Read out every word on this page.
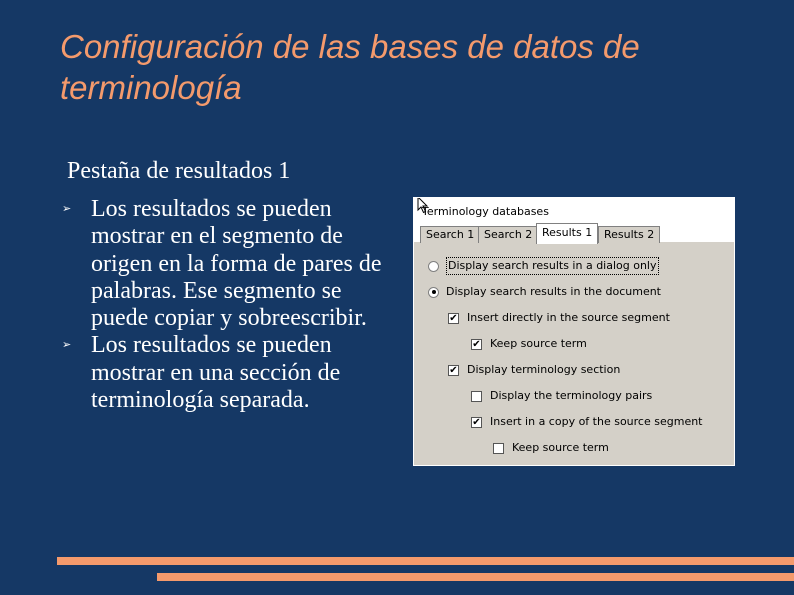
Configuración de las bases de datos de terminología
Pestaña de resultados 1
➢ Los resultados se pueden mostrar en el segmento de origen en la forma de pares de palabras. Ese segmento se puede copiar y sobreescribir.
➢ Los resultados se pueden mostrar en una sección de terminología separada.
Terminology databases
Search 1 Search 2 Results 1	Results 2
Display search results in a dialog only
Display search results in the document
✔ Insert directly in the source segment
✔ Keep source term
✔ Display terminology section
Display the terminology pairs
✔ Insert in a copy of the source segment
Keep source term
